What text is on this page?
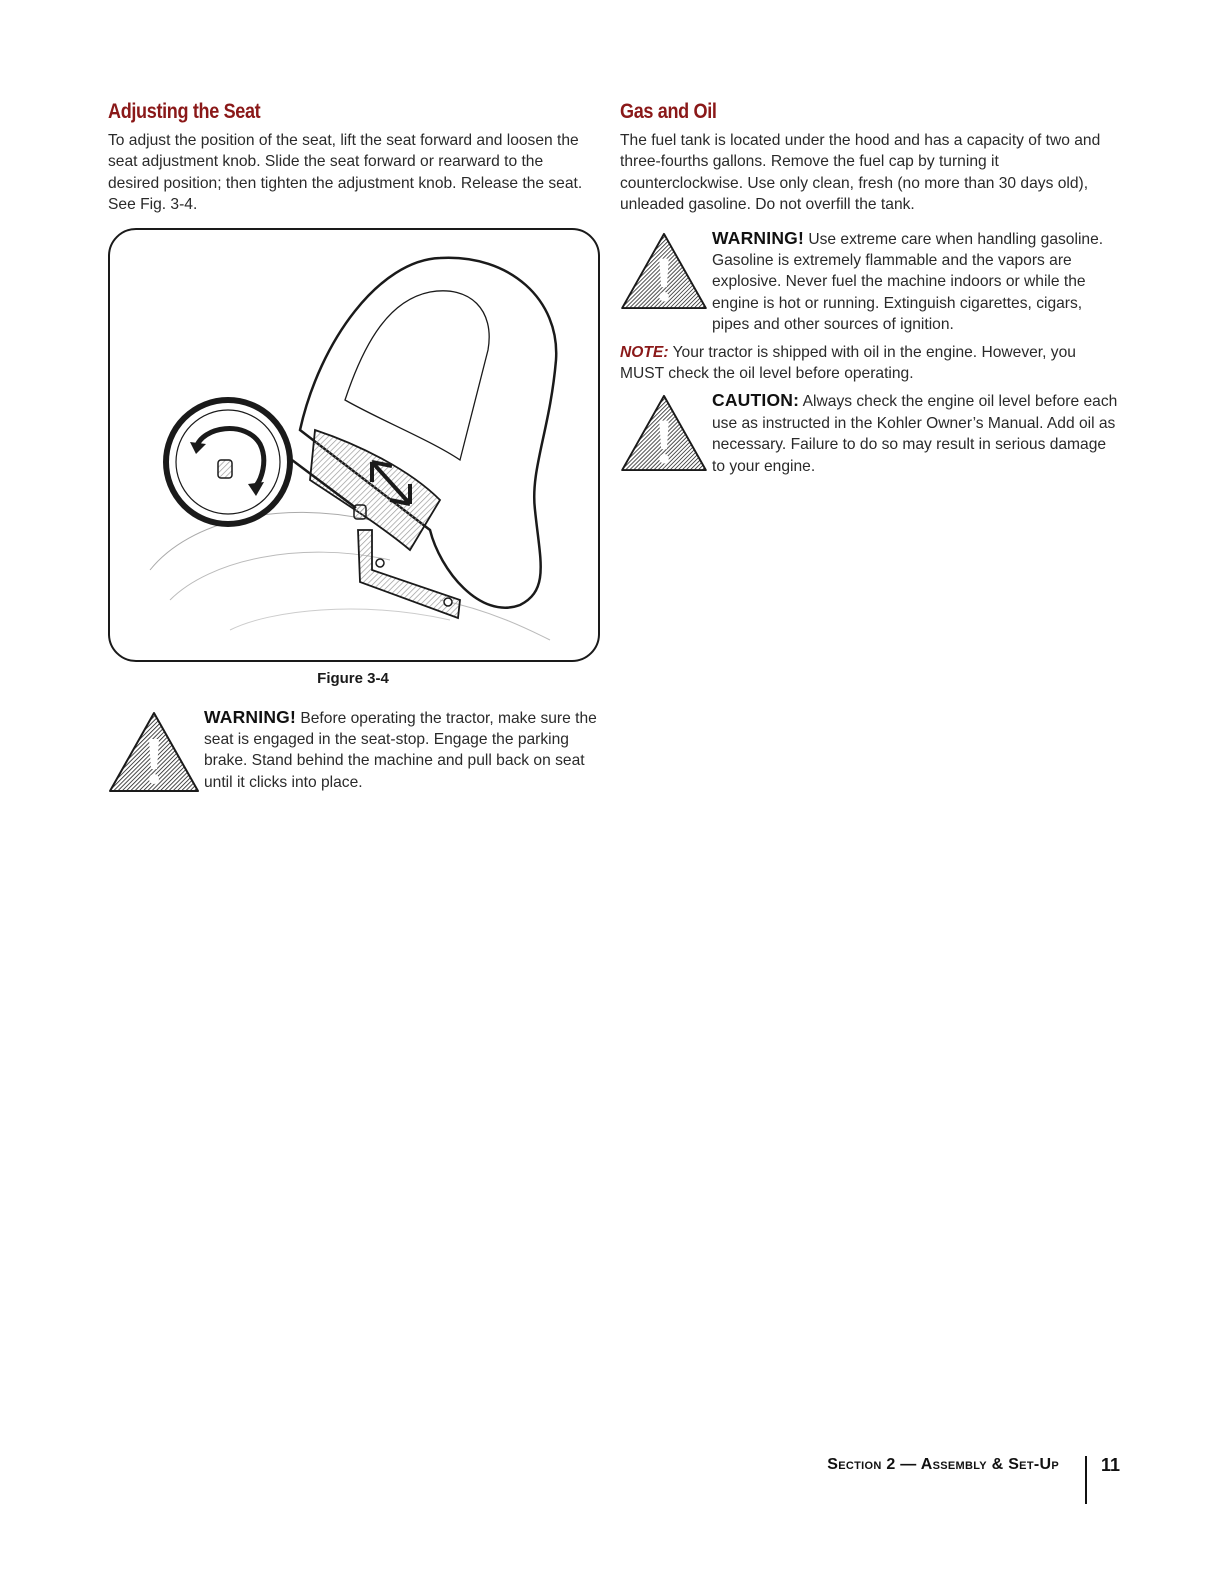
Adjusting the Seat

To adjust the position of the seat, lift the seat forward and loosen the seat adjustment knob. Slide the seat forward or rearward to the desired position; then tighten the adjustment knob. Release the seat. See Fig. 3-4.

Figure 3-4
WARNING! Before operating the tractor, make sure the seat is engaged in the seat-stop. Engage the parking brake. Stand behind the machine and pull back on seat until it clicks into place.
Gas and Oil

The fuel tank is located under the hood and has a capacity of two and three-fourths gallons. Remove the fuel cap by turning it counterclockwise. Use only clean, fresh (no more than 30 days old), unleaded gasoline. Do not overfill the tank.

WARNING! Use extreme care when handling gasoline. Gasoline is extremely flammable and the vapors are explosive. Never fuel the machine indoors or while the engine is hot or running. Extinguish cigarettes, cigars, pipes and other sources of ignition.

NOTE: Your tractor is shipped with oil in the engine. However, you MUST check the oil level before operating.

CAUTION: Always check the engine oil level before each use as instructed in the Kohler Owner’s Manual. Add oil as necessary. Failure to do so may result in serious damage to your engine.
Section 2 — Assembly & Set-Up 11
